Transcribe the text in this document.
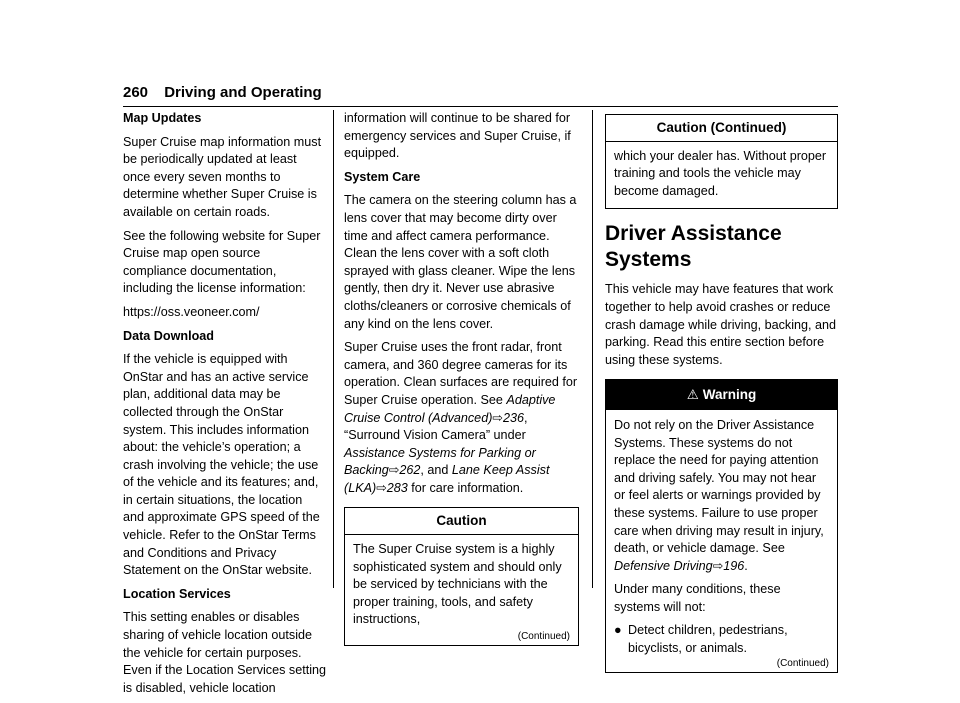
260 Driving and Operating
Map Updates

Super Cruise map information must be periodically updated at least once every seven months to determine whether Super Cruise is available on certain roads.

See the following website for Super Cruise map open source compliance documentation, including the license information:

https://oss.veoneer.com/

Data Download

If the vehicle is equipped with OnStar and has an active service plan, additional data may be collected through the OnStar system. This includes information about: the vehicle’s operation; a crash involving the vehicle; the use of the vehicle and its features; and, in certain situations, the location and approximate GPS speed of the vehicle. Refer to the OnStar Terms and Conditions and Privacy Statement on the OnStar website.

Location Services

This setting enables or disables sharing of vehicle location outside the vehicle for certain purposes. Even if the Location Services setting is disabled, vehicle location

information will continue to be shared for emergency services and Super Cruise, if equipped.

System Care

The camera on the steering column has a lens cover that may become dirty over time and affect camera performance. Clean the lens cover with a soft cloth sprayed with glass cleaner. Wipe the lens gently, then dry it. Never use abrasive cloths/cleaners or corrosive chemicals of any kind on the lens cover.

Super Cruise uses the front radar, front camera, and 360 degree cameras for its operation. Clean surfaces are required for Super Cruise operation. See Adaptive Cruise Control (Advanced)⇨236, “Surround Vision Camera” under Assistance Systems for Parking or Backing⇨262, and Lane Keep Assist (LKA)⇨283 for care information.

Caution

The Super Cruise system is a highly sophisticated system and should only be serviced by technicians with the proper training, tools, and safety instructions,

(Continued)
Caution (Continued)

which your dealer has. Without proper training and tools the vehicle may become damaged.

Driver Assistance Systems

This vehicle may have features that work together to help avoid crashes or reduce crash damage while driving, backing, and parking. Read this entire section before using these systems.

⚠ Warning

Do not rely on the Driver Assistance Systems. These systems do not replace the need for paying attention and driving safely. You may not hear or feel alerts or warnings provided by these systems. Failure to use proper care when driving may result in injury, death, or vehicle damage. See Defensive Driving⇨196.

Under many conditions, these systems will not:

● Detect children, pedestrians, bicyclists, or animals.
(Continued)
